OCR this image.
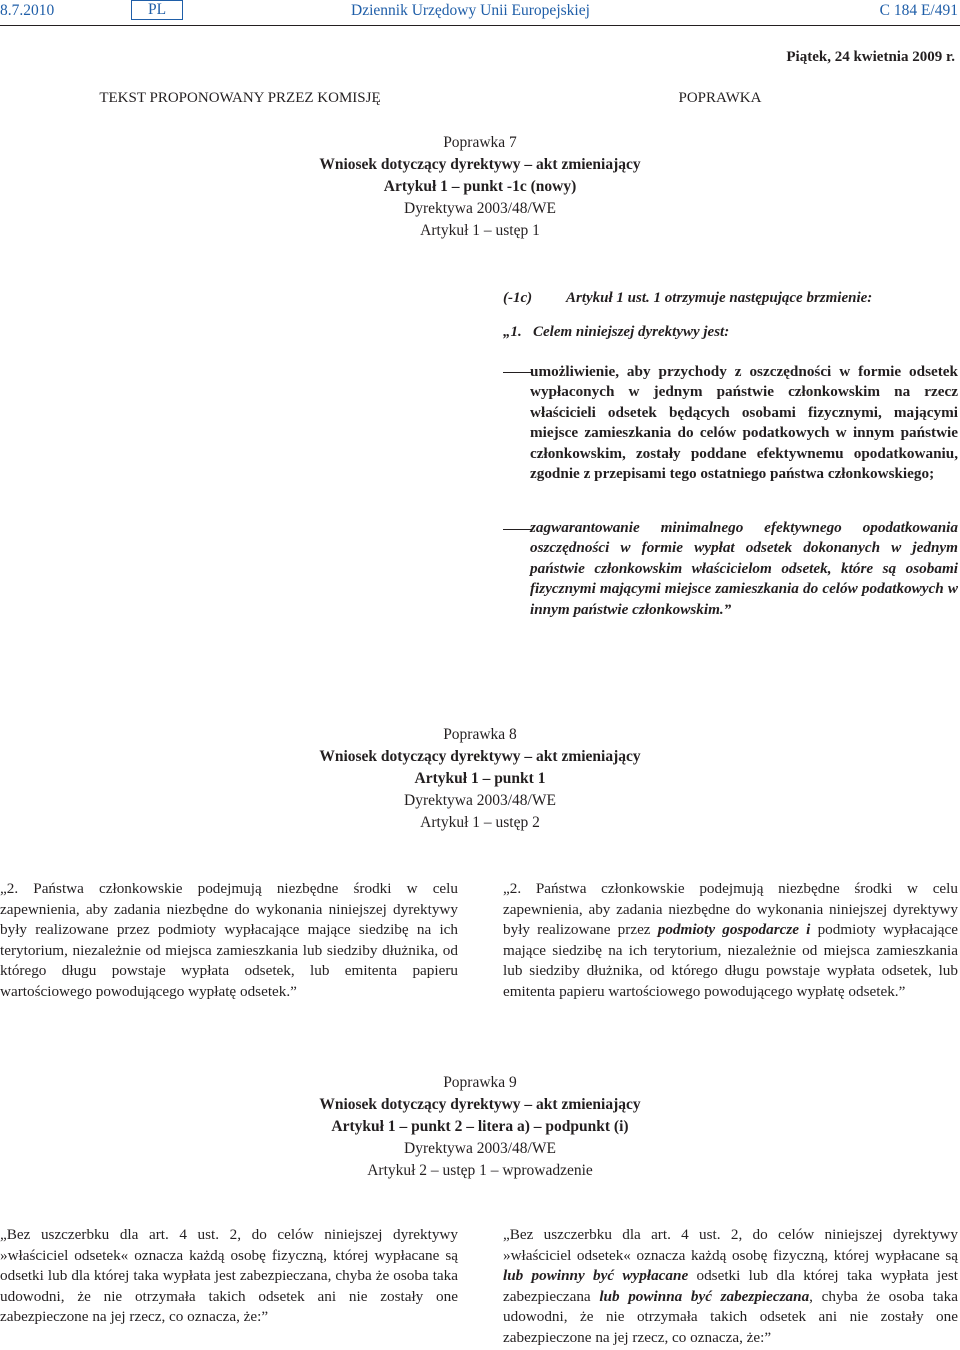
8.7.2010	PL	Dziennik Urzędowy Unii Europejskiej	C 184 E/491
Piątek, 24 kwietnia 2009 r.
TEKST PROPONOWANY PRZEZ KOMISJĘ	POPRAWKA
Poprawka 7
Wniosek dotyczący dyrektywy – akt zmieniający
Artykuł 1 – punkt -1c (nowy)
Dyrektywa 2003/48/WE
Artykuł 1 – ustęp 1
(-1c) Artykuł 1 ust. 1 otrzymuje następujące brzmienie:
„1.   Celem niniejszej dyrektywy jest:
umożliwienie, aby przychody z oszczędności w formie odsetek wypłaconych w jednym państwie członkowskim na rzecz właścicieli odsetek będących osobami fizycznymi, mającymi miejsce zamieszkania do celów podatkowych w innym państwie członkowskim, zostały poddane efektywnemu opodatkowaniu, zgodnie z przepisami tego ostatniego państwa członkowskiego;
zagwarantowanie minimalnego efektywnego opodatkowania oszczędności w formie wypłat odsetek dokonanych w jednym państwie członkowskim właścicielom odsetek, które są osobami fizycznymi mającymi miejsce zamieszkania do celów podatkowych w innym państwie członkowskim.”
Poprawka 8
Wniosek dotyczący dyrektywy – akt zmieniający
Artykuł 1 – punkt 1
Dyrektywa 2003/48/WE
Artykuł 1 – ustęp 2
„2. Państwa członkowskie podejmują niezbędne środki w celu zapewnienia, aby zadania niezbędne do wykonania niniejszej dyrektywy były realizowane przez podmioty wypłacające mające siedzibę na ich terytorium, niezależnie od miejsca zamieszkania lub siedziby dłużnika, od którego długu powstaje wypłata odsetek, lub emitenta papieru wartościowego powodującego wypłatę odsetek.”
„2. Państwa członkowskie podejmują niezbędne środki w celu zapewnienia, aby zadania niezbędne do wykonania niniejszej dyrektywy były realizowane przez podmioty gospodarcze i podmioty wypłacające mające siedzibę na ich terytorium, niezależnie od miejsca zamieszkania lub siedziby dłużnika, od którego długu powstaje wypłata odsetek, lub emitenta papieru wartościowego powodującego wypłatę odsetek.”
Poprawka 9
Wniosek dotyczący dyrektywy – akt zmieniający
Artykuł 1 – punkt 2 – litera a) – podpunkt (i)
Dyrektywa 2003/48/WE
Artykuł 2 – ustęp 1 – wprowadzenie
„Bez uszczerbku dla art. 4 ust. 2, do celów niniejszej dyrektywy »właściciel odsetek« oznacza każdą osobę fizyczną, której wypłacane są odsetki lub dla której taka wypłata jest zabezpieczana, chyba że osoba taka udowodni, że nie otrzymała takich odsetek ani nie zostały one zabezpieczone na jej rzecz, co oznacza, że:”
„Bez uszczerbku dla art. 4 ust. 2, do celów niniejszej dyrektywy »właściciel odsetek« oznacza każdą osobę fizyczną, której wypłacane są lub powinny być wypłacane odsetki lub dla której taka wypłata jest zabezpieczana lub powinna być zabezpieczana, chyba że osoba taka udowodni, że nie otrzymała takich odsetek ani nie zostały one zabezpieczone na jej rzecz, co oznacza, że:”
